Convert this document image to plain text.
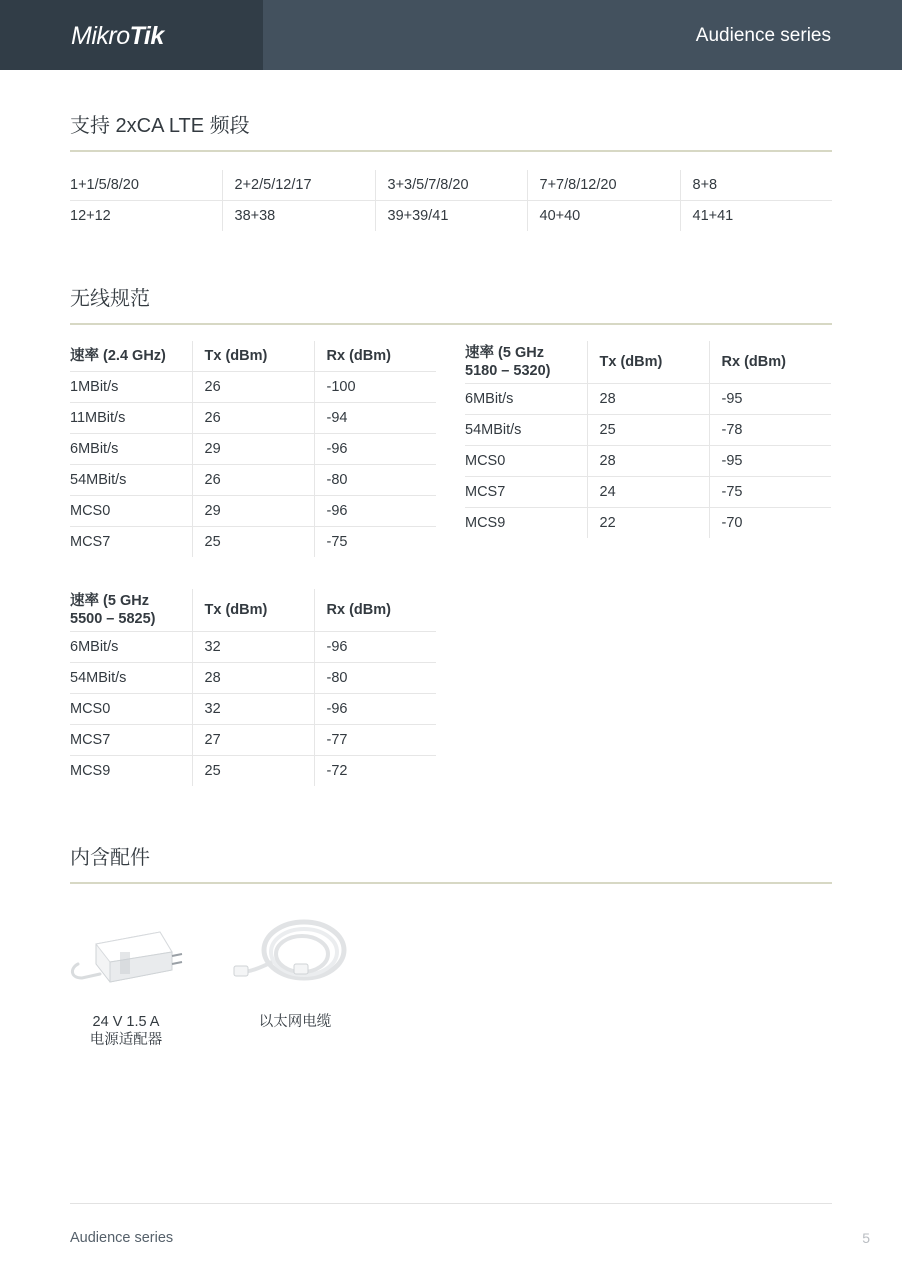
MikroTik	Audience series
支持 2xCA LTE 频段
1+1/5/8/20	2+2/5/12/17	3+3/5/7/8/20	7+7/8/12/20	8+8
12+12	38+38	39+39/41	40+40	41+41
无线规范
速率 (2.4 GHz)	Tx (dBm)	Rx (dBm)
1MBit/s	26	-100
11MBit/s	26	-94
6MBit/s	29	-96
54MBit/s	26	-80
MCS0	29	-96
MCS7	25	-75
速率 (5 GHz
5180 – 5320)	Tx (dBm)	Rx (dBm)
6MBit/s	28	-95
54MBit/s	25	-78
MCS0	28	-95
MCS7	24	-75
MCS9	22	-70
速率 (5 GHz
5500 – 5825)	Tx (dBm)	Rx (dBm)
6MBit/s	32	-96
54MBit/s	28	-80
MCS0	32	-96
MCS7	27	-77
MCS9	25	-72
内含配件
24 V 1.5 A
电源适配器
以太网电缆
Audience series	5
